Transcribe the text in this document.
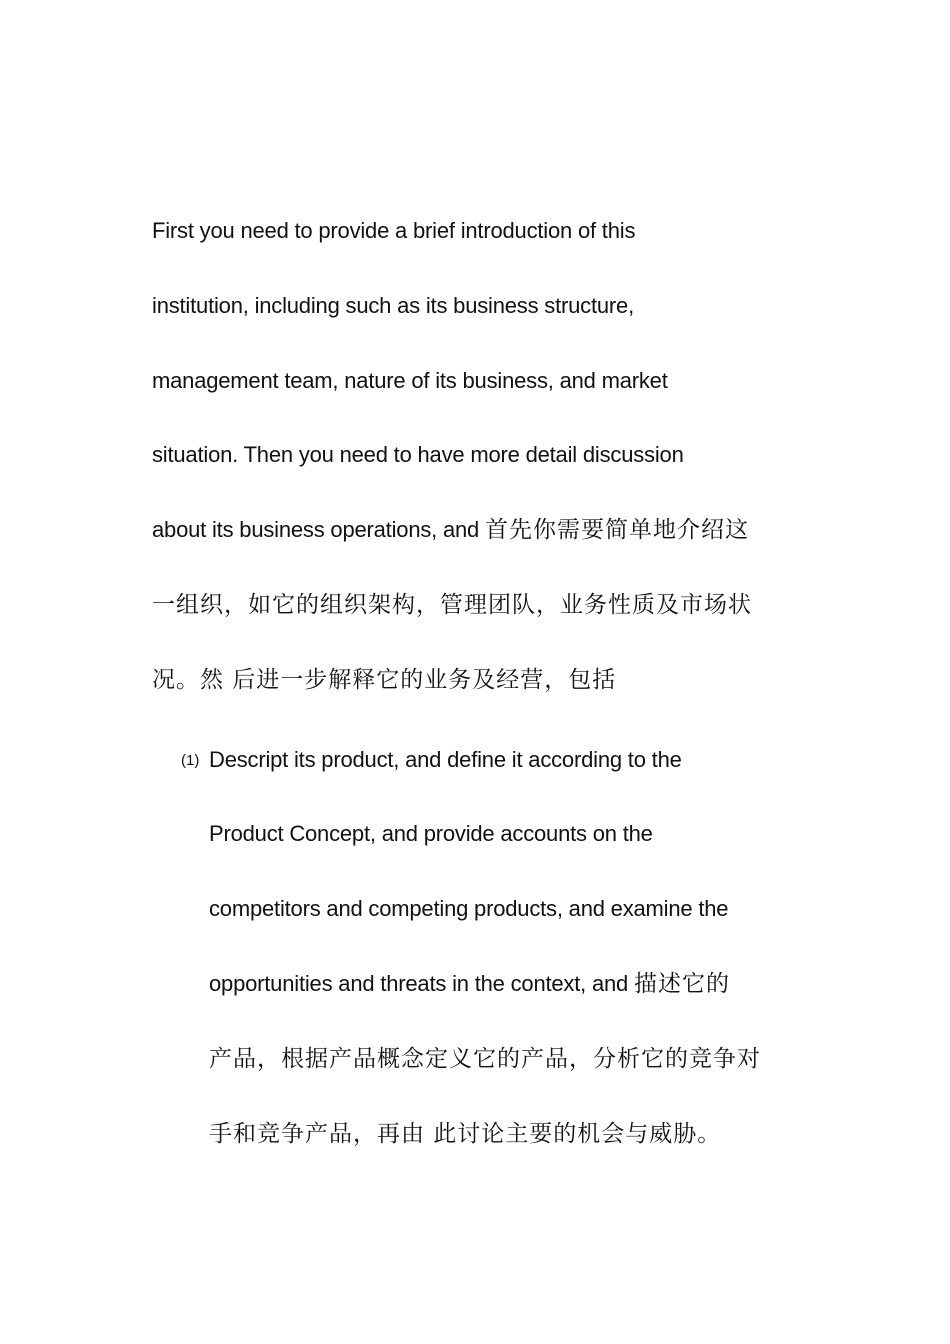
First you need to provide a brief introduction of this
institution, including such as its business structure,
management team, nature of its business, and market
situation. Then you need to have more detail discussion
about its business operations, and 首先你需要简单地介绍这
一组织，如它的组织架构，管理团队，业务性质及市场状
况。然 后进一步解释它的业务及经营，包括
(1) Descript its product, and define it according to the
Product Concept, and provide accounts on the
competitors and competing products, and examine the
opportunities and threats in the context, and 描述它的
产品，根据产品概念定义它的产品，分析它的竞争对
手和竞争产品，再由 此讨论主要的机会与威胁。
